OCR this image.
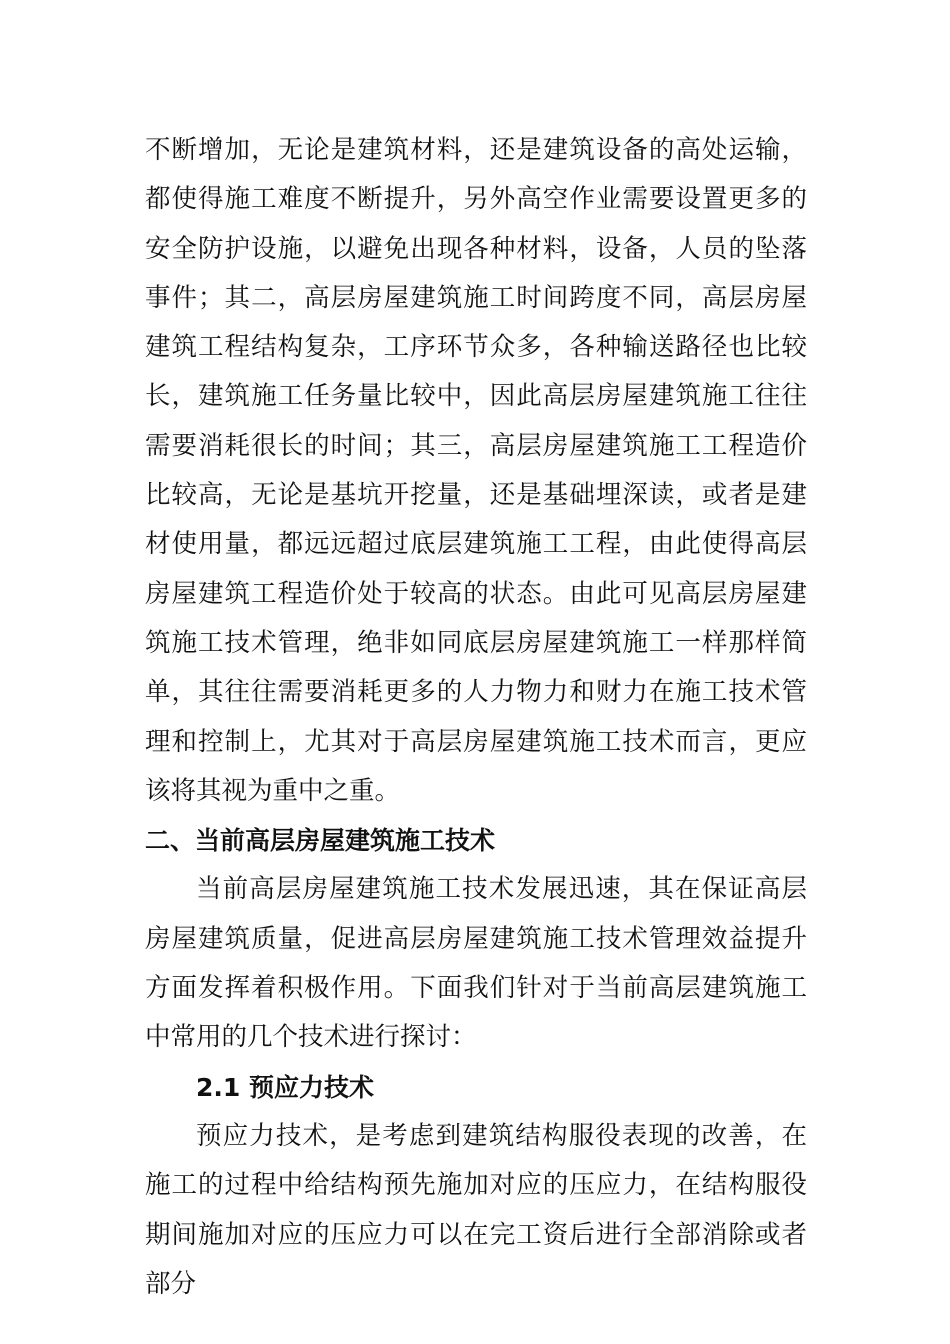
不断增加，无论是建筑材料，还是建筑设备的高处运输，都使得施工难度不断提升，另外高空作业需要设置更多的安全防护设施，以避免出现各种材料，设备，人员的坠落事件；其二，高层房屋建筑施工时间跨度不同，高层房屋建筑工程结构复杂，工序环节众多，各种输送路径也比较长，建筑施工任务量比较中，因此高层房屋建筑施工往往需要消耗很长的时间；其三，高层房屋建筑施工工程造价比较高，无论是基坑开挖量，还是基础埋深读，或者是建材使用量，都远远超过底层建筑施工工程，由此使得高层房屋建筑工程造价处于较高的状态。由此可见高层房屋建筑施工技术管理，绝非如同底层房屋建筑施工一样那样简单，其往往需要消耗更多的人力物力和财力在施工技术管理和控制上，尤其对于高层房屋建筑施工技术而言，更应该将其视为重中之重。

二、当前高层房屋建筑施工技术

当前高层房屋建筑施工技术发展迅速，其在保证高层房屋建筑质量，促进高层房屋建筑施工技术管理效益提升方面发挥着积极作用。下面我们针对于当前高层建筑施工中常用的几个技术进行探讨：

2.1 预应力技术

预应力技术，是考虑到建筑结构服役表现的改善，在施工的过程中给结构预先施加对应的压应力，在结构服役期间施加对应的压应力可以在完工资后进行全部消除或者部分
